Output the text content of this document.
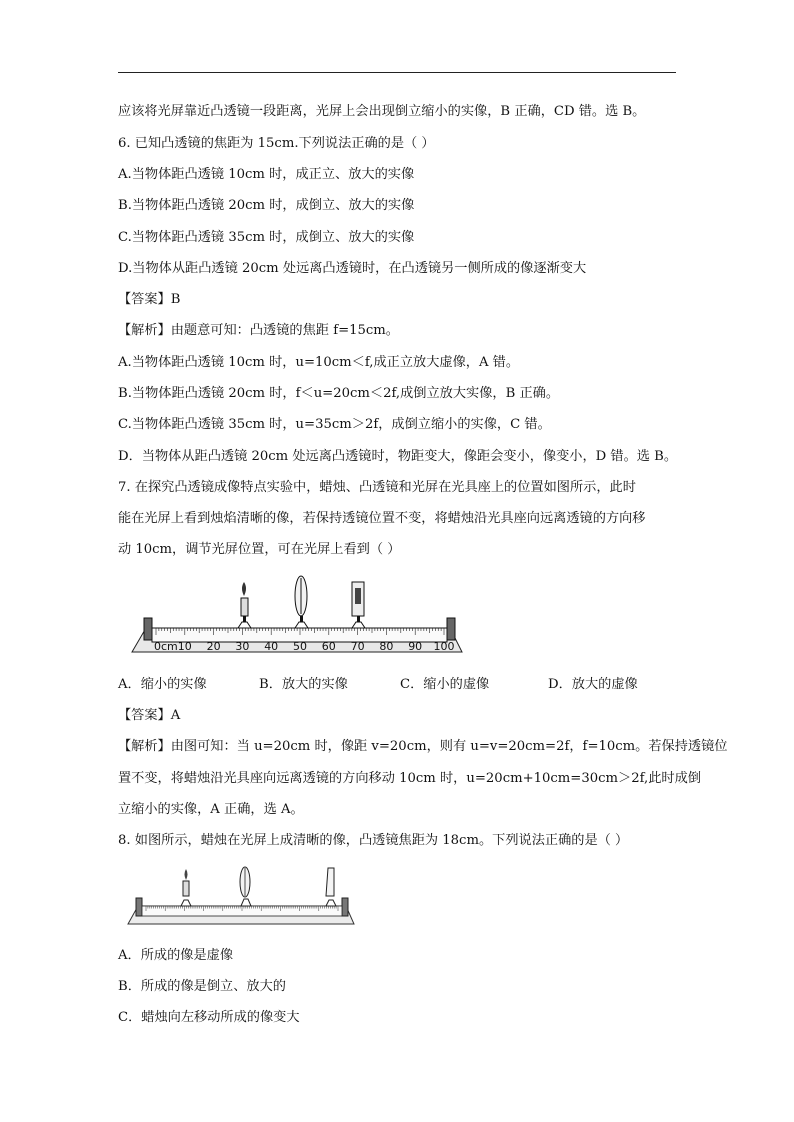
应该将光屏靠近凸透镜一段距离，光屏上会出现倒立缩小的实像，B 正确，CD 错。选 B。
6. 已知凸透镜的焦距为 15cm.下列说法正确的是（ ）
A.当物体距凸透镜 10cm 时，成正立、放大的实像
B.当物体距凸透镜 20cm 时，成倒立、放大的实像
C.当物体距凸透镜 35cm 时，成倒立、放大的实像
D.当物体从距凸透镜 20cm 处远离凸透镜时，在凸透镜另一侧所成的像逐渐变大
【答案】B
【解析】由题意可知：凸透镜的焦距 f=15cm。
A.当物体距凸透镜 10cm 时，u=10cm＜f,成正立放大虚像，A 错。
B.当物体距凸透镜 20cm 时，f＜u=20cm＜2f,成倒立放大实像，B 正确。
C.当物体距凸透镜 35cm 时，u=35cm＞2f，成倒立缩小的实像，C 错。
D．当物体从距凸透镜 20cm 处远离凸透镜时，物距变大，像距会变小，像变小，D 错。选 B。
7. 在探究凸透镜成像特点实验中，蜡烛、凸透镜和光屏在光具座上的位置如图所示，此时
能在光屏上看到烛焰清晰的像，若保持透镜位置不变，将蜡烛沿光具座向远离透镜的方向移
动 10cm，调节光屏位置，可在光屏上看到（ ）
0cm 10 20 30 40 50 60 70 80 90 100
A．缩小的实像	B．放大的实像	C．缩小的虚像	D．放大的虚像
【答案】A
【解析】由图可知：当 u=20cm 时，像距 v=20cm，则有 u=v=20cm=2f，f=10cm。若保持透镜位
置不变，将蜡烛沿光具座向远离透镜的方向移动 10cm 时，u=20cm+10cm=30cm＞2f,此时成倒
立缩小的实像，A 正确，选 A。
8. 如图所示，蜡烛在光屏上成清晰的像，凸透镜焦距为 18cm。下列说法正确的是（ ）
A．所成的像是虚像
B．所成的像是倒立、放大的
C．蜡烛向左移动所成的像变大
